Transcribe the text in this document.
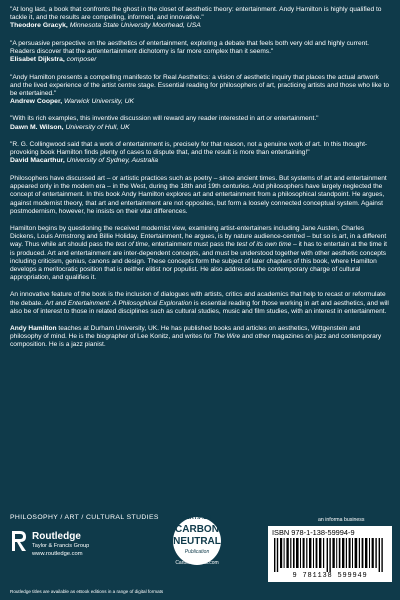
"At long last, a book that confronts the ghost in the closet of aesthetic theory: entertainment. Andy Hamilton is highly qualified to tackle it, and the results are compelling, informed, and innovative."

Theodore Gracyk, Minnesota State University Moorhead, USA

"A persuasive perspective on the aesthetics of entertainment, exploring a debate that feels both very old and highly current. Readers discover that the art/entertainment dichotomy is far more complex than it seems."

Elisabet Dijkstra, composer

"Andy Hamilton presents a compelling manifesto for Real Aesthetics: a vision of aesthetic inquiry that places the actual artwork and the lived experience of the artist centre stage. Essential reading for philosophers of art, practicing artists and those who like to be entertained."

Andrew Cooper, Warwick University, UK

"With its rich examples, this inventive discussion will reward any reader interested in art or entertainment."

Dawn M. Wilson, University of Hull, UK

"R. G. Collingwood said that a work of entertainment is, precisely for that reason, not a genuine work of art. In this thought-provoking book Hamilton finds plenty of cases to dispute that, and the result is more than entertaining!"

David Macarthur, University of Sydney, Australia

Philosophers have discussed art – or artistic practices such as poetry – since ancient times. But systems of art and entertainment appeared only in the modern era – in the West, during the 18th and 19th centuries. And philosophers have largely neglected the concept of entertainment. In this book Andy Hamilton explores art and entertainment from a philosophical standpoint. He argues, against modernist theory, that art and entertainment are not opposites, but form a loosely connected conceptual system. Against postmodernism, however, he insists on their vital differences.

Hamilton begins by questioning the received modernist view, examining artist-entertainers including Jane Austen, Charles Dickens, Louis Armstrong and Billie Holiday. Entertainment, he argues, is by nature audience-centred – but so is art, in a different way. Thus while art should pass the test of time, entertainment must pass the test of its own time – it has to entertain at the time it is produced. Art and entertainment are inter-dependent concepts, and must be understood together with other aesthetic concepts including criticism, genius, canons and design. These concepts form the subject of later chapters of this book, where Hamilton develops a meritocratic position that is neither elitist nor populist. He also addresses the contemporary charge of cultural appropriation, and qualifies it.

An innovative feature of the book is the inclusion of dialogues with artists, critics and academics that help to recast or reformulate the debate. Art and Entertainment: A Philosophical Exploration is essential reading for those working in art and aesthetics, and will also be of interest to those in related disciplines such as cultural studies, music and film studies, with an interest in entertainment.

Andy Hamilton teaches at Durham University, UK. He has published books and articles on aesthetics, Wittgenstein and philosophy of mind. He is the biographer of Lee Konitz, and writes for The Wire and other magazines on jazz and contemporary composition. He is a jazz pianist.

PHILOSOPHY / ART / CULTURAL STUDIES
Routledge
Taylor & Francis Group
www.routledge.com
CERTIFIED
CARBON
NEUTRAL
Publication
CarbonNeutral.com
an informa business
ISBN 978-1-138-59994-9
9 781138 599949
Routledge titles are available as eBook editions in a range of digital formats
